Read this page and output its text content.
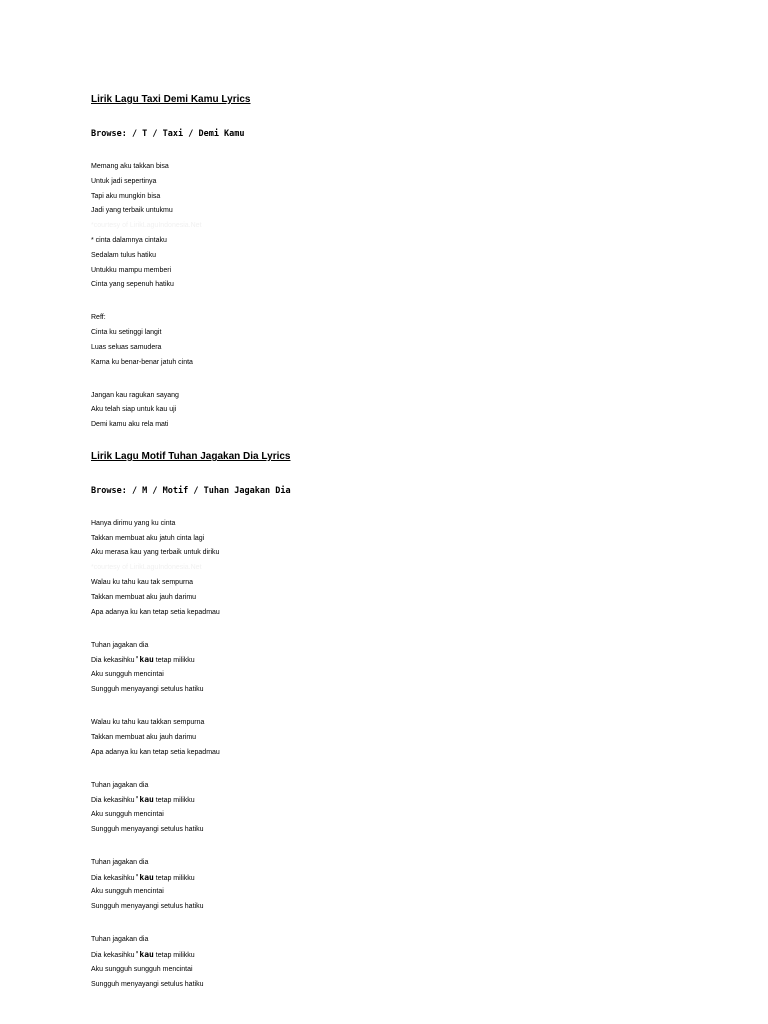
Lirik Lagu Taxi Demi Kamu Lyrics
Browse: / T / Taxi / Demi Kamu
Memang aku takkan bisa
Untuk jadi sepertinya
Tapi aku mungkin bisa
Jadi yang terbaik untukmu
*courtesy of LirikLaguIndonesia.Net
* cinta dalamnya cintaku
Sedalam tulus hatiku
Untukku mampu memberi
Cinta yang sepenuh hatiku
Reff:
Cinta ku setinggi langit
Luas seluas samudera
Karna ku benar-benar jatuh cinta
Jangan kau ragukan sayang
Aku telah siap untuk kau uji
Demi kamu aku rela mati
Lirik Lagu Motif Tuhan Jagakan Dia Lyrics
Browse: / M / Motif / Tuhan Jagakan Dia
Hanya dirimu yang ku cinta
Takkan membuat aku jatuh cinta lagi
Aku merasa kau yang terbaik untuk diriku
*courtesy of LirikLaguIndonesia.Net
Walau ku tahu kau tak sempurna
Takkan membuat aku jauh darimu
Apa adanya ku kan tetap setia kepadmau
Tuhan jagakan dia
Dia kekasihku'kau tetap milikku
Aku sungguh mencintai
Sungguh menyayangi setulus hatiku
Walau ku tahu kau takkan sempurna
Takkan membuat aku jauh darimu
Apa adanya ku kan tetap setia kepadmau
Tuhan jagakan dia
Dia kekasihku'kau tetap milikku
Aku sungguh mencintai
Sungguh menyayangi setulus hatiku
Tuhan jagakan dia
Dia kekasihku'kau tetap milikku
Aku sungguh mencintai
Sungguh menyayangi setulus hatiku
Tuhan jagakan dia
Dia kekasihku'kau tetap milikku
Aku sungguh sungguh mencintai
Sungguh menyayangi setulus hatiku
